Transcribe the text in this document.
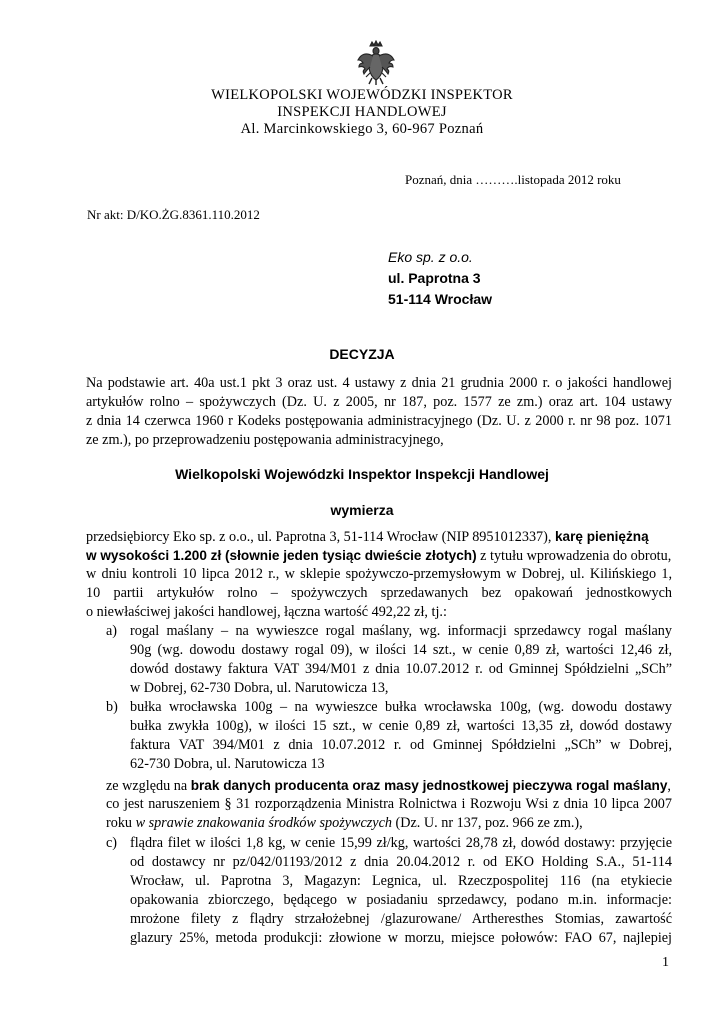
WIELKOPOLSKI WOJEWÓDZKI INSPEKTOR
INSPEKCJI HANDLOWEJ
Al. Marcinkowskiego 3, 60-967 Poznań
Poznań, dnia ……….listopada 2012 roku
Nr akt: D/KO.ŻG.8361.110.2012
Eko sp. z o.o.
ul. Paprotna 3
51-114 Wrocław
DECYZJA
Na podstawie art. 40a ust.1 pkt 3 oraz ust. 4 ustawy z dnia 21 grudnia 2000 r. o jakości handlowej
artykułów rolno – spożywczych (Dz. U. z 2005, nr 187, poz. 1577 ze zm.) oraz art. 104 ustawy
z dnia 14 czerwca 1960 r Kodeks postępowania administracyjnego (Dz. U. z 2000 r. nr 98 poz. 1071
ze zm.), po przeprowadzeniu postępowania administracyjnego,
Wielkopolski Wojewódzki Inspektor Inspekcji Handlowej
wymierza
przedsiębiorcy Eko sp. z o.o., ul. Paprotna 3, 51-114 Wrocław (NIP 8951012337), karę pieniężną
w wysokości 1.200 zł (słownie jeden tysiąc dwieście złotych) z tytułu wprowadzenia do obrotu,
w dniu kontroli 10 lipca 2012 r., w sklepie spożywczo-przemysłowym w Dobrej, ul. Kilińskiego 1,
10 partii artykułów rolno – spożywczych sprzedawanych bez opakowań jednostkowych
o niewłaściwej jakości handlowej, łączna wartość 492,22 zł, tj.:
a) rogal maślany – na wywieszce rogal maślany, wg. informacji sprzedawcy rogal maślany
90g (wg. dowodu dostawy rogal 09), w ilości 14 szt., w cenie 0,89 zł, wartości 12,46 zł,
dowód dostawy faktura VAT 394/M01 z dnia 10.07.2012 r. od Gminnej Spółdzielni „SCh”
w Dobrej, 62-730 Dobra, ul. Narutowicza 13,
b) bułka wrocławska 100g – na wywieszce bułka wrocławska 100g, (wg. dowodu dostawy
bułka zwykła 100g), w ilości 15 szt., w cenie 0,89 zł, wartości 13,35 zł, dowód dostawy
faktura VAT 394/M01 z dnia 10.07.2012 r. od Gminnej Spółdzielni „SCh” w Dobrej,
62-730 Dobra, ul. Narutowicza 13
ze względu na brak danych producenta oraz masy jednostkowej pieczywa rogal maślany,
co jest naruszeniem § 31 rozporządzenia Ministra Rolnictwa i Rozwoju Wsi z dnia 10 lipca 2007
roku w sprawie znakowania środków spożywczych (Dz. U. nr 137, poz. 966 ze zm.),
c) flądra filet w ilości 1,8 kg, w cenie 15,99 zł/kg, wartości 28,78 zł, dowód dostawy: przyjęcie
od dostawcy nr pz/042/01193/2012 z dnia 20.04.2012 r. od EKO Holding S.A., 51-114
Wrocław, ul. Paprotna 3, Magazyn: Legnica, ul. Rzeczpospolitej 116 (na etykiecie
opakowania zbiorczego, będącego w posiadaniu sprzedawcy, podano m.in. informacje:
mrożone filety z flądry strzałożebnej /glazurowane/ Artheresthes Stomias, zawartość
glazury 25%, metoda produkcji: złowione w morzu, miejsce połowów: FAO 67, najlepiej
1
